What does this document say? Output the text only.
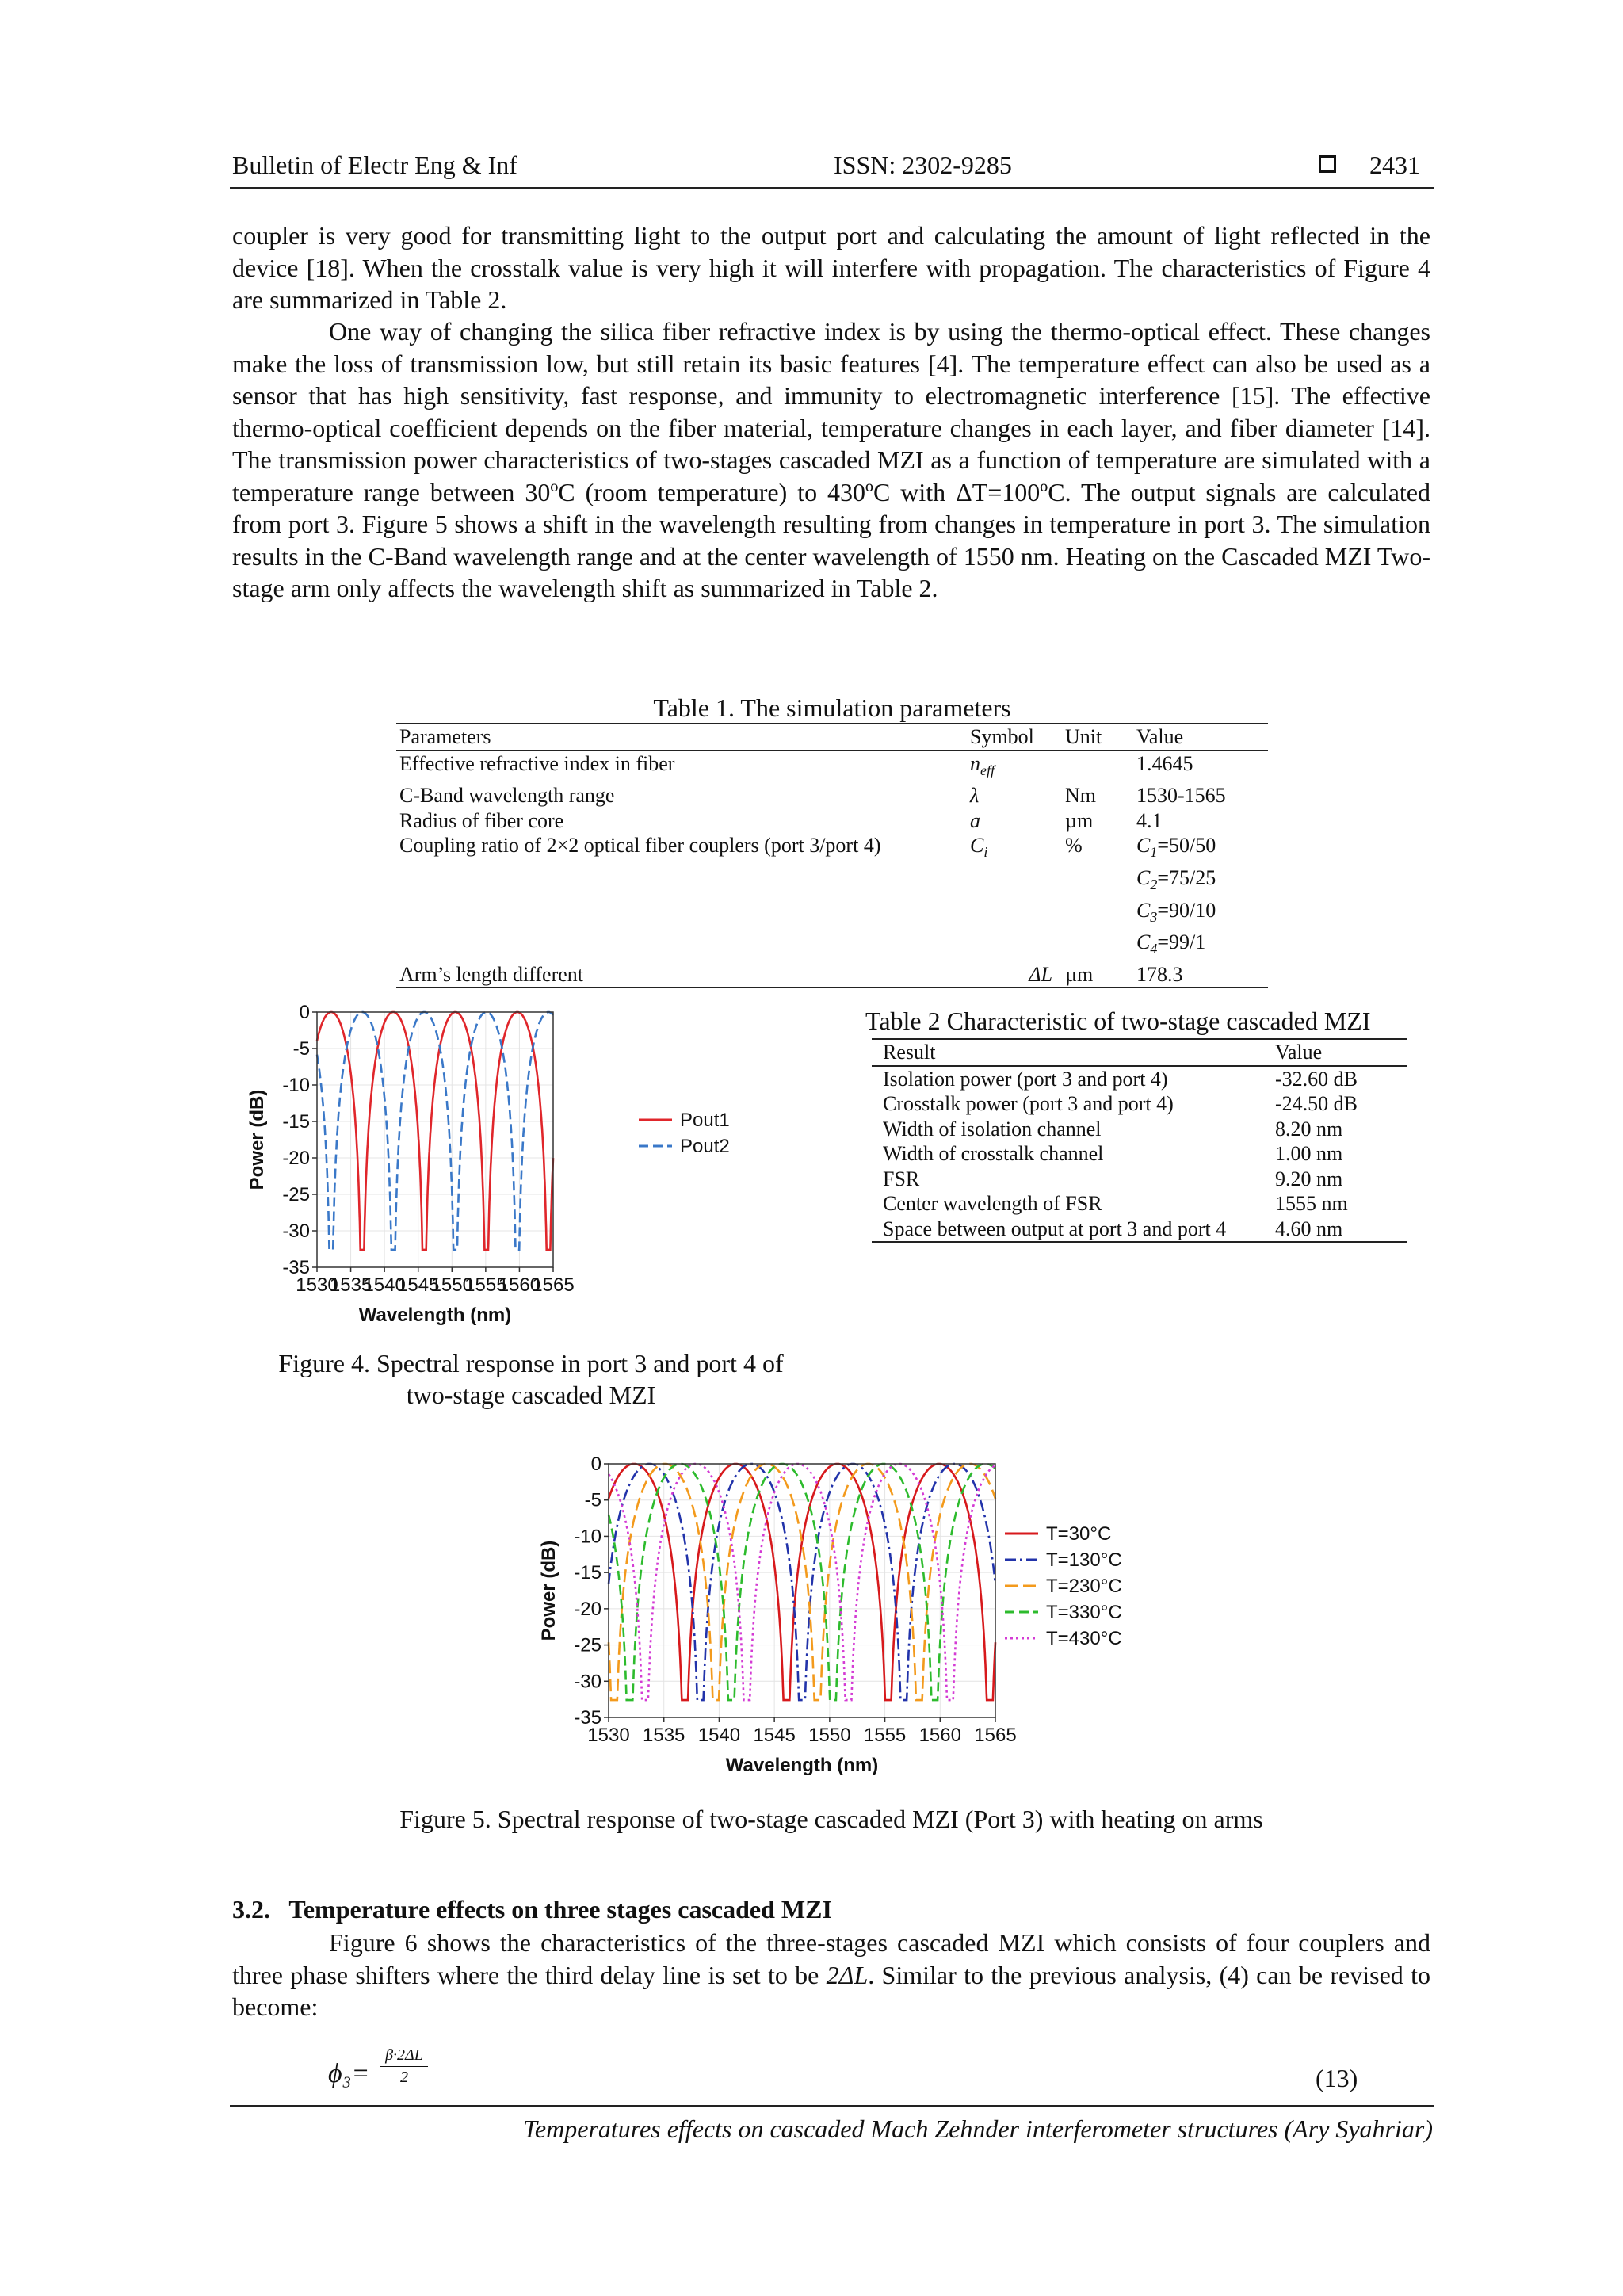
Bulletin of Electr Eng & Inf	ISSN: 2302-9285	2431

coupler is very good for transmitting light to the output port and calculating the amount of light reflected in the device [18]. When the crosstalk value is very high it will interfere with propagation. The characteristics of Figure 4 are summarized in Table 2.

One way of changing the silica fiber refractive index is by using the thermo-optical effect. These changes make the loss of transmission low, but still retain its basic features [4]. The temperature effect can also be used as a sensor that has high sensitivity, fast response, and immunity to electromagnetic interference [15]. The effective thermo-optical coefficient depends on the fiber material, temperature changes in each layer, and fiber diameter [14]. The transmission power characteristics of two-stages cascaded MZI as a function of temperature are simulated with a temperature range between 30ºC (room temperature) to 430ºC with ΔT=100ºC. The output signals are calculated from port 3. Figure 5 shows a shift in the wavelength resulting from changes in temperature in port 3. The simulation results in the C-Band wavelength range and at the center wavelength of 1550 nm. Heating on the Cascaded MZI Two-stage arm only affects the wavelength shift as summarized in Table 2.

Table 1. The simulation parameters
Parameters	Symbol	Unit	Value
Effective refractive index in fiber	$n_{eff}$		1.4645
C-Band wavelength range	λ	Nm	1530-1565
Radius of fiber core	a	µm	4.1
Coupling ratio of 2×2 optical fiber couplers (port 3/port 4)	$C_i$	%	$C_1=50/50$
			$C_2=75/25$
			$C_3=90/10$
			$C_4=99/1$
Arm’s length different	ΔL	µm	178.3
1530
1535
1540
1545
1550
1555
1560
1565
0
-5
-10
-15
-20
-25
-30
-35
Wavelength (nm)
Power (dB)	Pout1
Pout2
Figure 4. Spectral response in port 3 and port 4 of
two-stage cascaded MZI
Table 2 Characteristic of two-stage cascaded MZI
Result	Value
Isolation power (port 3 and port 4)	-32.60 dB
Crosstalk power (port 3 and port 4)	-24.50 dB
Width of isolation channel	8.20 nm
Width of crosstalk channel	1.00 nm
FSR	9.20 nm
Center wavelength of FSR	1555 nm
Space between output at port 3 and port 4	4.60 nm
1530 1535 1540 1545 1550 1555 1560 1565
0
-5
-10
-15
-20
-25
-30
-35
Wavelength (nm)
Power (dB)
T=30°C
T=130°C
T=230°C
T=330°C
T=430°C
Figure 5. Spectral response of two-stage cascaded MZI (Port 3) with heating on arms
3.2.   Temperature effects on three stages cascaded MZI

Figure 6 shows the characteristics of the three-stages cascaded MZI which consists of four couplers and three phase shifters where the third delay line is set to be 2ΔL. Similar to the previous analysis, (4) can be revised to become:

$\phi_3= \frac{\beta\cdot 2\Delta L}{2}$	(13)
Temperatures effects on cascaded Mach Zehnder interferometer structures (Ary Syahriar)
